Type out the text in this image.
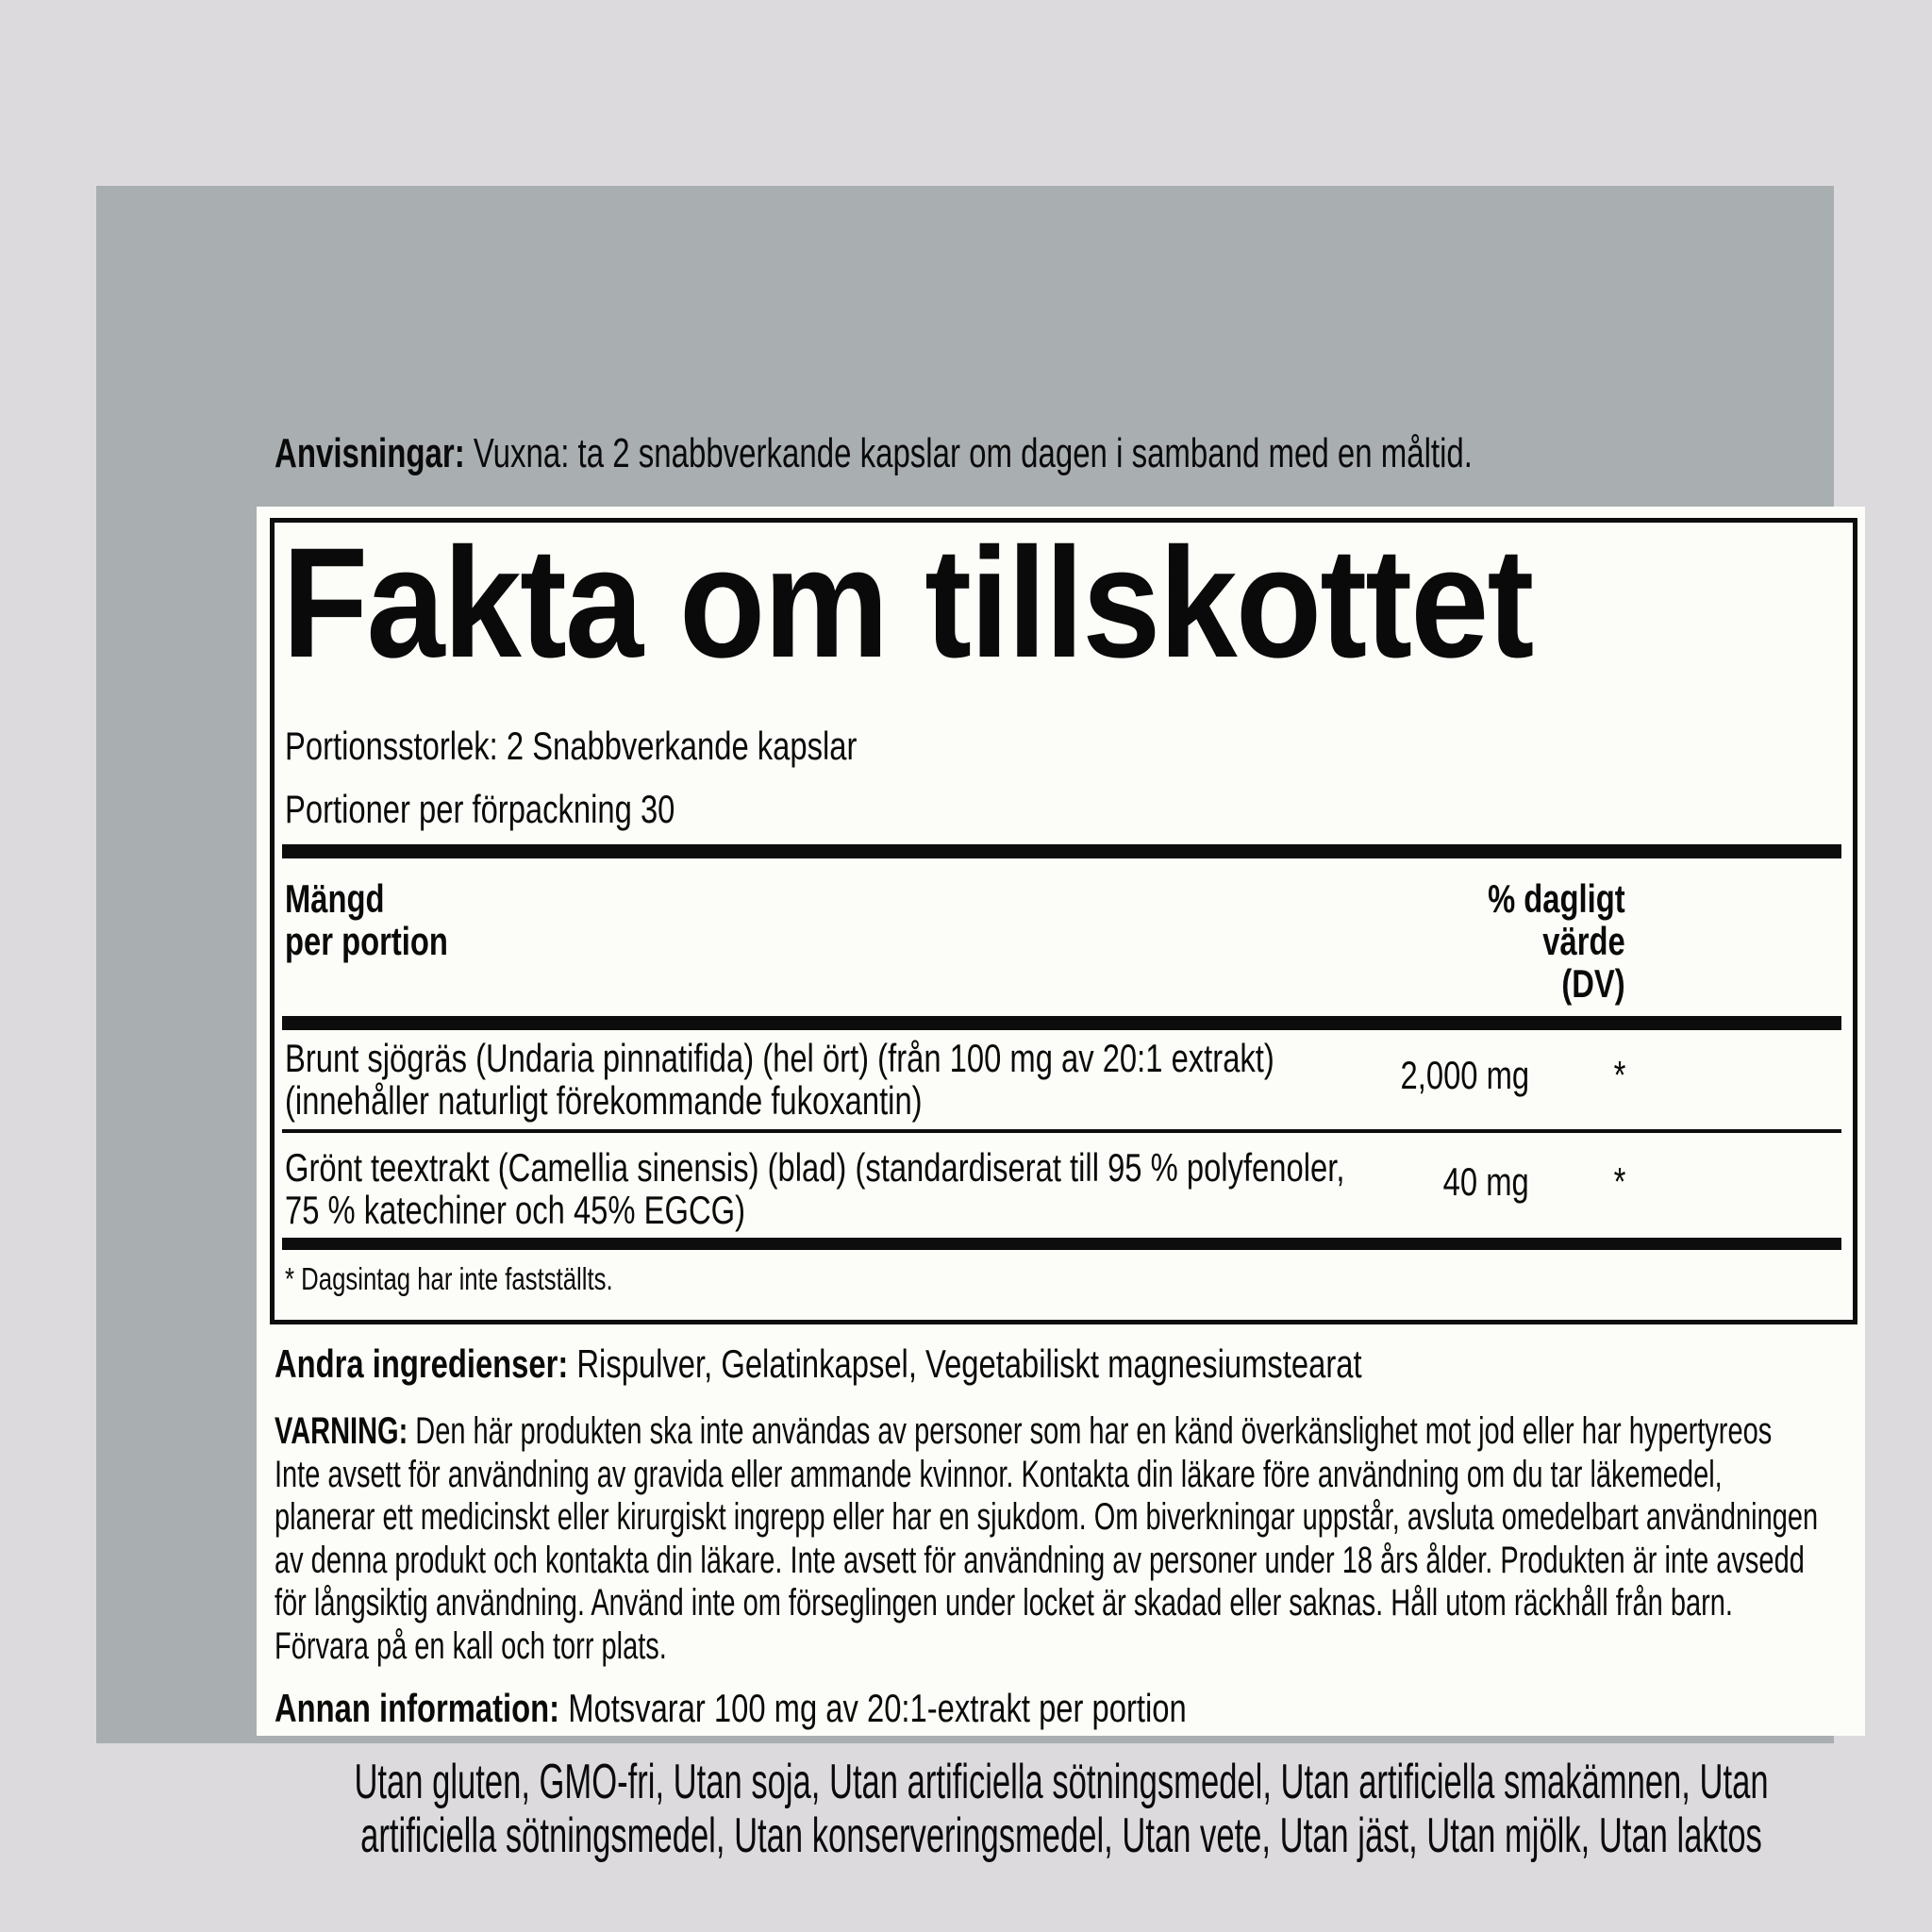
Anvisningar: Vuxna: ta 2 snabbverkande kapslar om dagen i samband med en måltid.
Fakta om tillskottet
Portionsstorlek: 2 Snabbverkande kapslar
Portioner per förpackning 30
Mängd
per portion
% dagligt
värde
(DV)
Brunt sjögräs (Undaria pinnatifida) (hel ört) (från 100 mg av 20:1 extrakt)
(innehåller naturligt förekommande fukoxantin)
2,000 mg *
Grönt teextrakt (Camellia sinensis) (blad) (standardiserat till 95 % polyfenoler,
75 % katechiner och 45% EGCG)
40 mg *
* Dagsintag har inte fastställts.
Andra ingredienser: Rispulver, Gelatinkapsel, Vegetabiliskt magnesiumstearat
VARNING: Den här produkten ska inte användas av personer som har en känd överkänslighet mot jod eller har hypertyreos Inte avsett för användning av gravida eller ammande kvinnor. Kontakta din läkare före användning om du tar läkemedel, planerar ett medicinskt eller kirurgiskt ingrepp eller har en sjukdom. Om biverkningar uppstår, avsluta omedelbart användningen av denna produkt och kontakta din läkare. Inte avsett för användning av personer under 18 års ålder. Produkten är inte avsedd för långsiktig användning. Använd inte om förseglingen under locket är skadad eller saknas. Håll utom räckhåll från barn. Förvara på en kall och torr plats.
Annan information: Motsvarar 100 mg av 20:1-extrakt per portion
Utan gluten, GMO-fri, Utan soja, Utan artificiella sötningsmedel, Utan artificiella smakämnen, Utan
artificiella sötningsmedel, Utan konserveringsmedel, Utan vete, Utan jäst, Utan mjölk, Utan laktos
